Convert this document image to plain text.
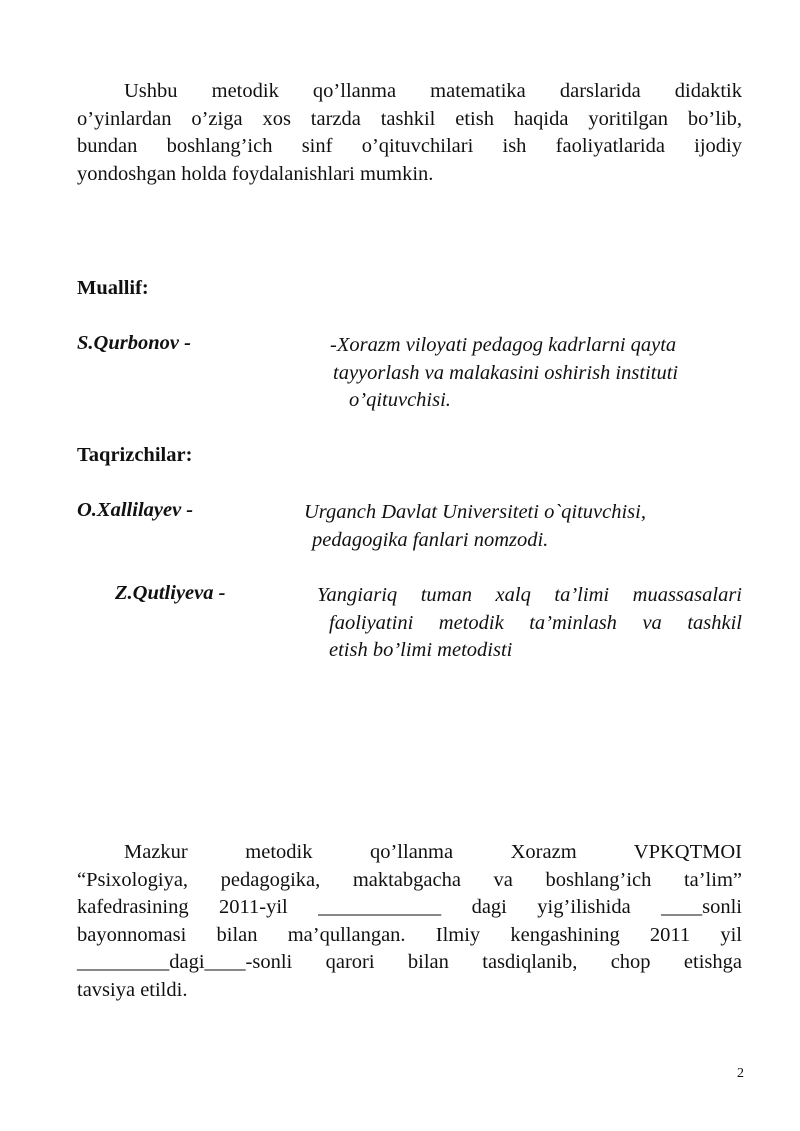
Ushbu metodik qo’llanma matematika darslarida didaktik
o’yinlardan o’ziga xos tarzda tashkil etish haqida yoritilgan bo’lib,
bundan boshlang’ich sinf o’qituvchilari ish faoliyatlarida ijodiy
yondoshgan holda foydalanishlari mumkin.

Muallif:

S.Qurbonov -	-Xorazm viloyati pedagog kadrlarni qayta
tayyorlash va malakasini oshirish instituti
o’qituvchisi.

Taqrizchilar:

O.Xallilayev -	Urganch Davlat Universiteti o`qituvchisi,
pedagogika fanlari nomzodi.

Z.Qutliyeva -	Yangiariq tuman xalq ta’limi muassasalari
faoliyatini metodik ta’minlash va tashkil
etish bo’limi metodisti
Mazkur metodik qo’llanma Xorazm VPKQTMOI
“Psixologiya, pedagogika, maktabgacha va boshlang’ich ta’lim”
kafedrasining 2011-yil ____________ dagi yig’ilishida ____sonli
bayonnomasi bilan ma’qullangan. Ilmiy kengashining 2011 yil
_________dagi____-sonli qarori bilan tasdiqlanib, chop etishga
tavsiya etildi.
2
